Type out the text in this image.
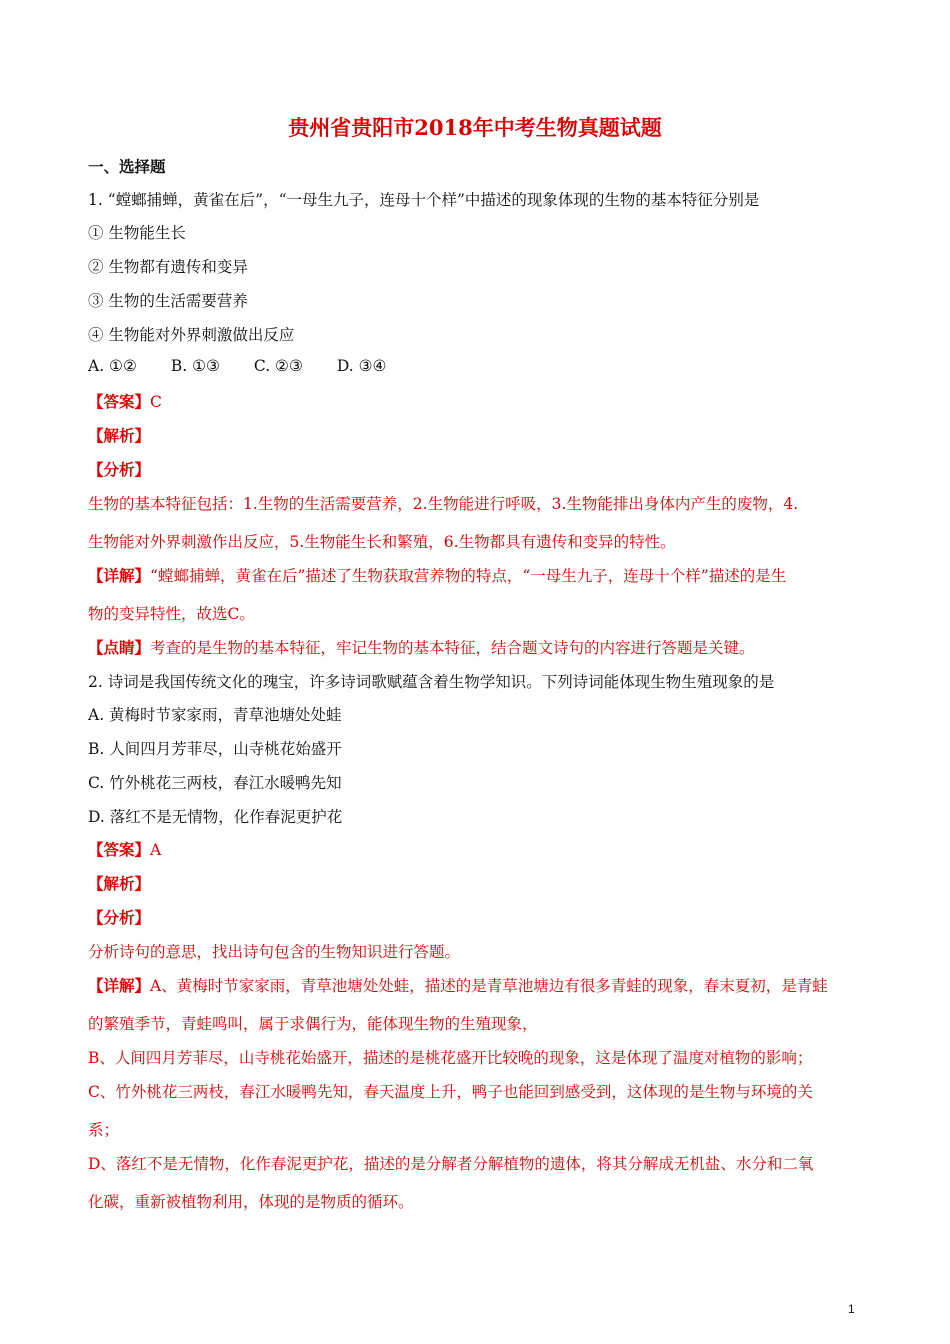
贵州省贵阳市2018年中考生物真题试题
一、选择题
1. “螳螂捕蝉，黄雀在后”，“一母生九子，连母十个样”中描述的现象体现的生物的基本特征分别是
① 生物能生长
② 生物都有遗传和变异
③ 生物的生活需要营养
④ 生物能对外界刺激做出反应
A. ①② B. ①③ C. ②③ D. ③④
【答案】C
【解析】
【分析】
生物的基本特征包括：1.生物的生活需要营养，2.生物能进行呼吸，3.生物能排出身体内产生的废物，4.
生物能对外界刺激作出反应，5.生物能生长和繁殖，6.生物都具有遗传和变异的特性。
【详解】“螳螂捕蝉，黄雀在后”描述了生物获取营养物的特点，“一母生九子，连母十个样”描述的是生
物的变异特性，故选C。
【点睛】考查的是生物的基本特征，牢记生物的基本特征，结合题文诗句的内容进行答题是关键。
2. 诗词是我国传统文化的瑰宝，许多诗词歌赋蕴含着生物学知识。下列诗词能体现生物生殖现象的是
A. 黄梅时节家家雨，青草池塘处处蛙
B. 人间四月芳菲尽，山寺桃花始盛开
C. 竹外桃花三两枝，春江水暖鸭先知
D. 落红不是无情物，化作春泥更护花
【答案】A
【解析】
【分析】
分析诗句的意思，找出诗句包含的生物知识进行答题。
【详解】A、黄梅时节家家雨，青草池塘处处蛙，描述的是青草池塘边有很多青蛙的现象，春末夏初，是青蛙
的繁殖季节，青蛙鸣叫，属于求偶行为，能体现生物的生殖现象，
B、人间四月芳菲尽，山寺桃花始盛开，描述的是桃花盛开比较晚的现象，这是体现了温度对植物的影响；
C、竹外桃花三两枝，春江水暖鸭先知，春天温度上升，鸭子也能回到感受到，这体现的是生物与环境的关
系；
D、落红不是无情物，化作春泥更护花，描述的是分解者分解植物的遗体，将其分解成无机盐、水分和二氧
化碳，重新被植物利用，体现的是物质的循环。
1
